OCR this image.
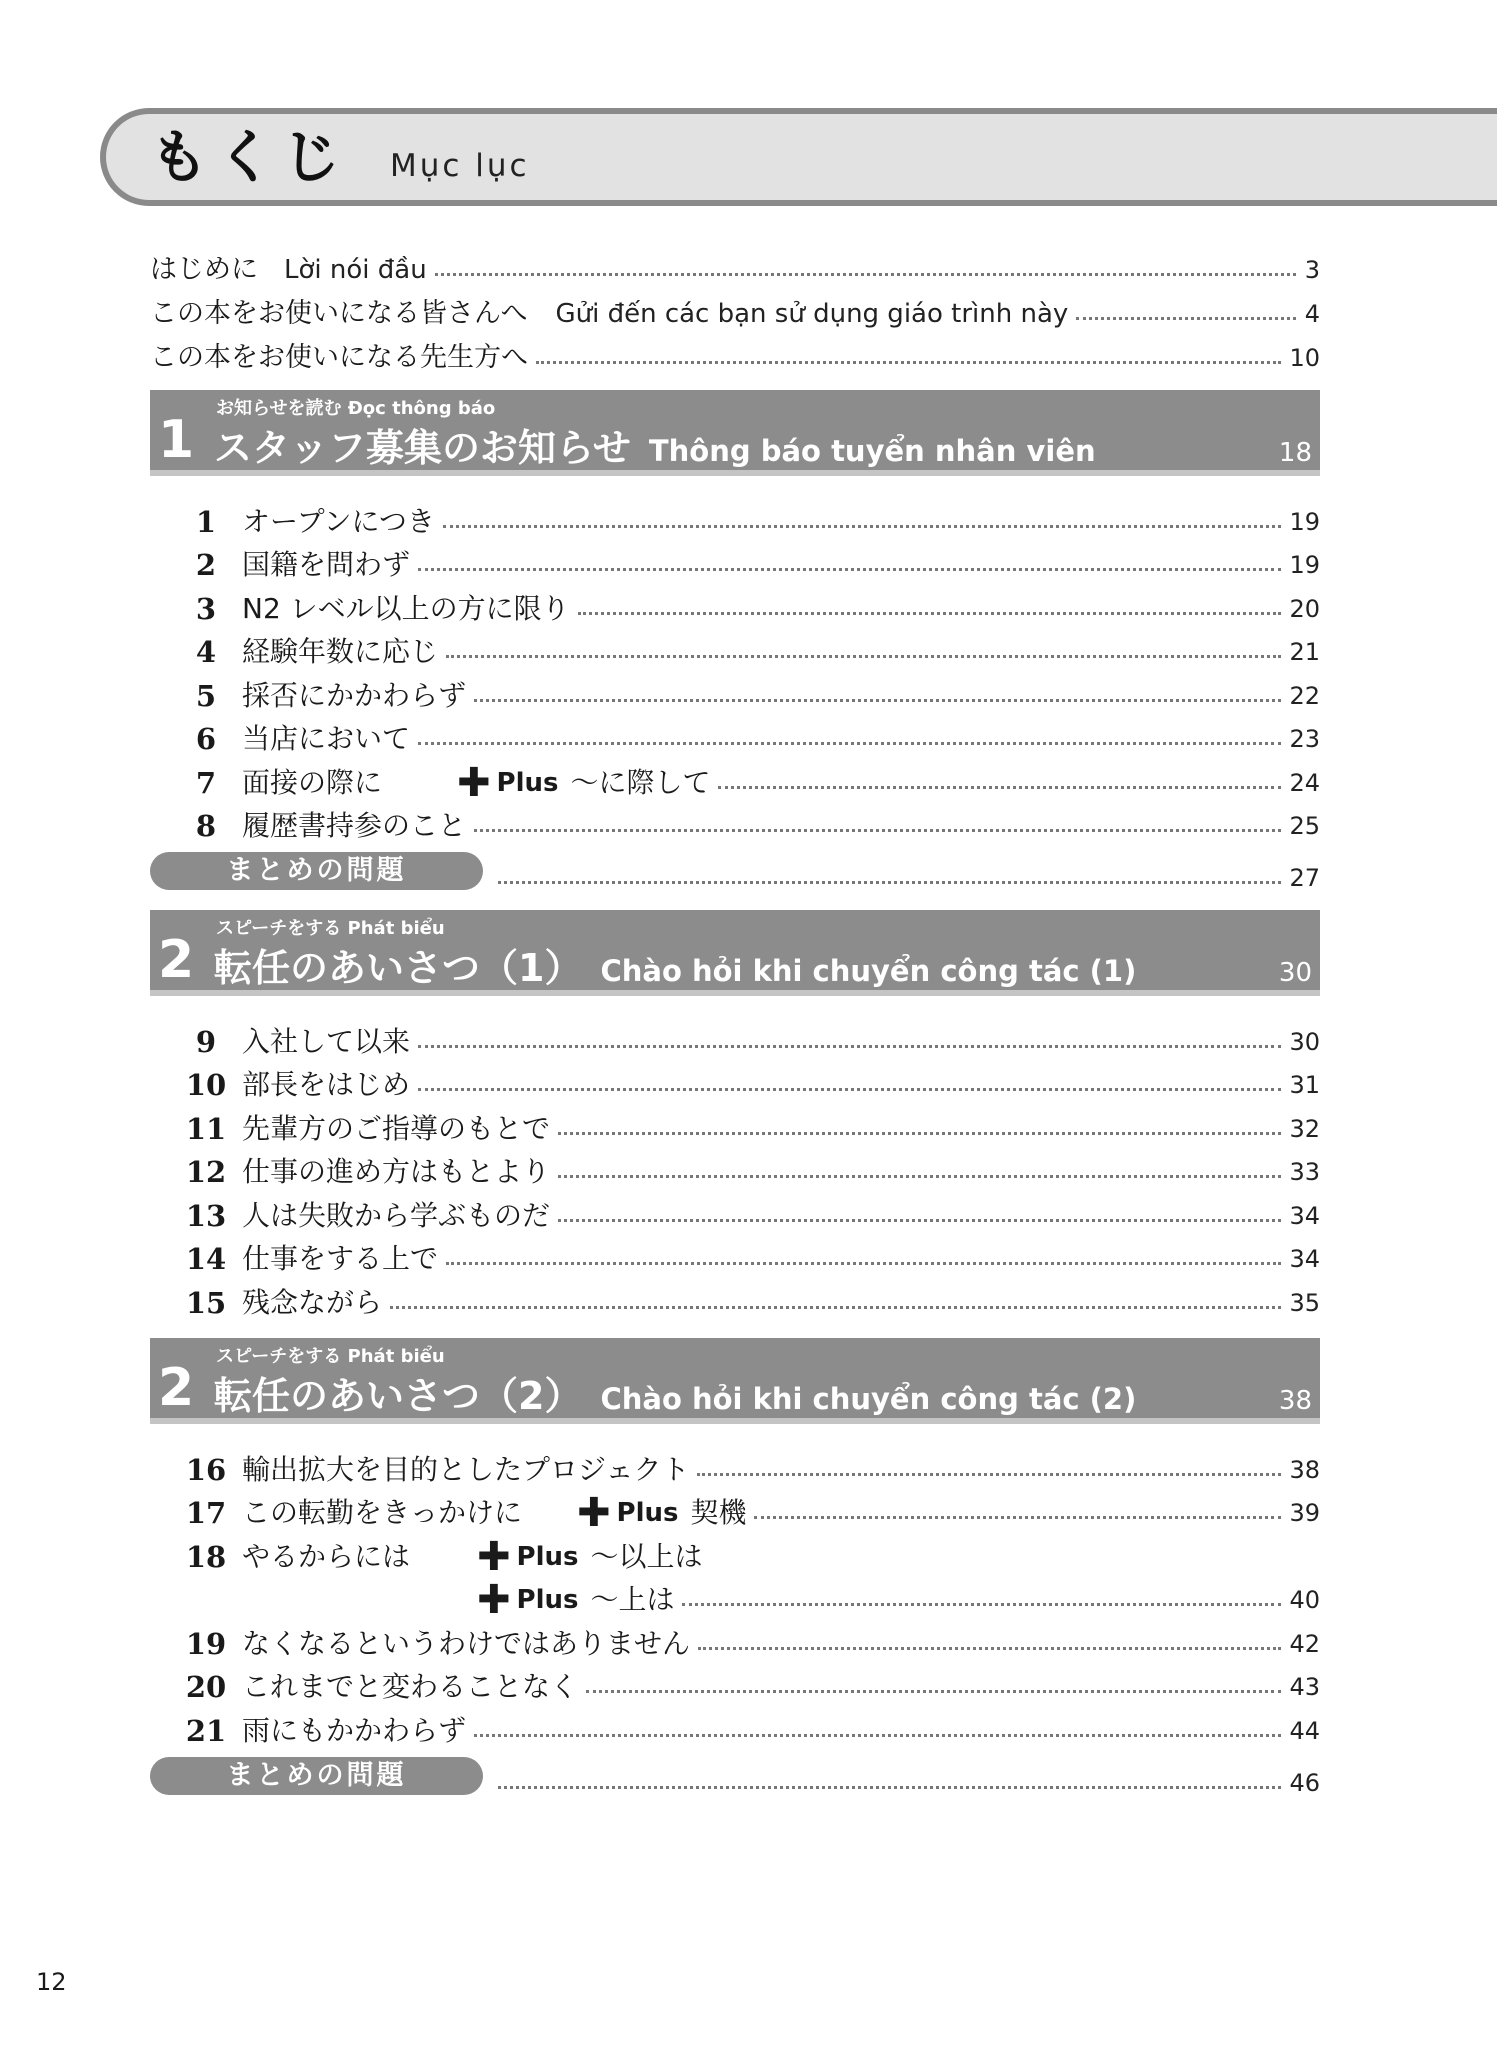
もくじ Mục lục
はじめに Lời nói đầu	3
この本をお使いになる皆さんへ Gửi đến các bạn sử dụng giáo trình này	4
この本をお使いになる先生方へ	10
1
お知らせを読む Đọc thông báo
スタッフ募集のお知らせ Thông báo tuyển nhân viên	18
1 オープンにつき	19
2 国籍を問わず	19
3 N2 レベル以上の方に限り	20
4 経験年数に応じ	21
5 採否にかかわらず	22
6 当店において	23
7 面接の際に	✚ Plus ～に際して	24
8 履歴書持参のこと	25
まとめの問題	27
2
スピーチをする Phát biểu
転任のあいさつ（1） Chào hỏi khi chuyển công tác (1)	30
9 入社して以来	30
10 部長をはじめ	31
11 先輩方のご指導のもとで	32
12 仕事の進め方はもとより	33
13 人は失敗から学ぶものだ	34
14 仕事をする上で	34
15 残念ながら	35
2
スピーチをする Phát biểu
転任のあいさつ（2） Chào hỏi khi chuyển công tác (2)	38
16 輸出拡大を目的としたプロジェクト	38
17 この転勤をきっかけに	✚ Plus 契機	39
18 やるからには	✚ Plus ～以上は
✚ Plus ～上は	40
19 なくなるというわけではありません	42
20 これまでと変わることなく	43
21 雨にもかかわらず	44
まとめの問題	46
12
